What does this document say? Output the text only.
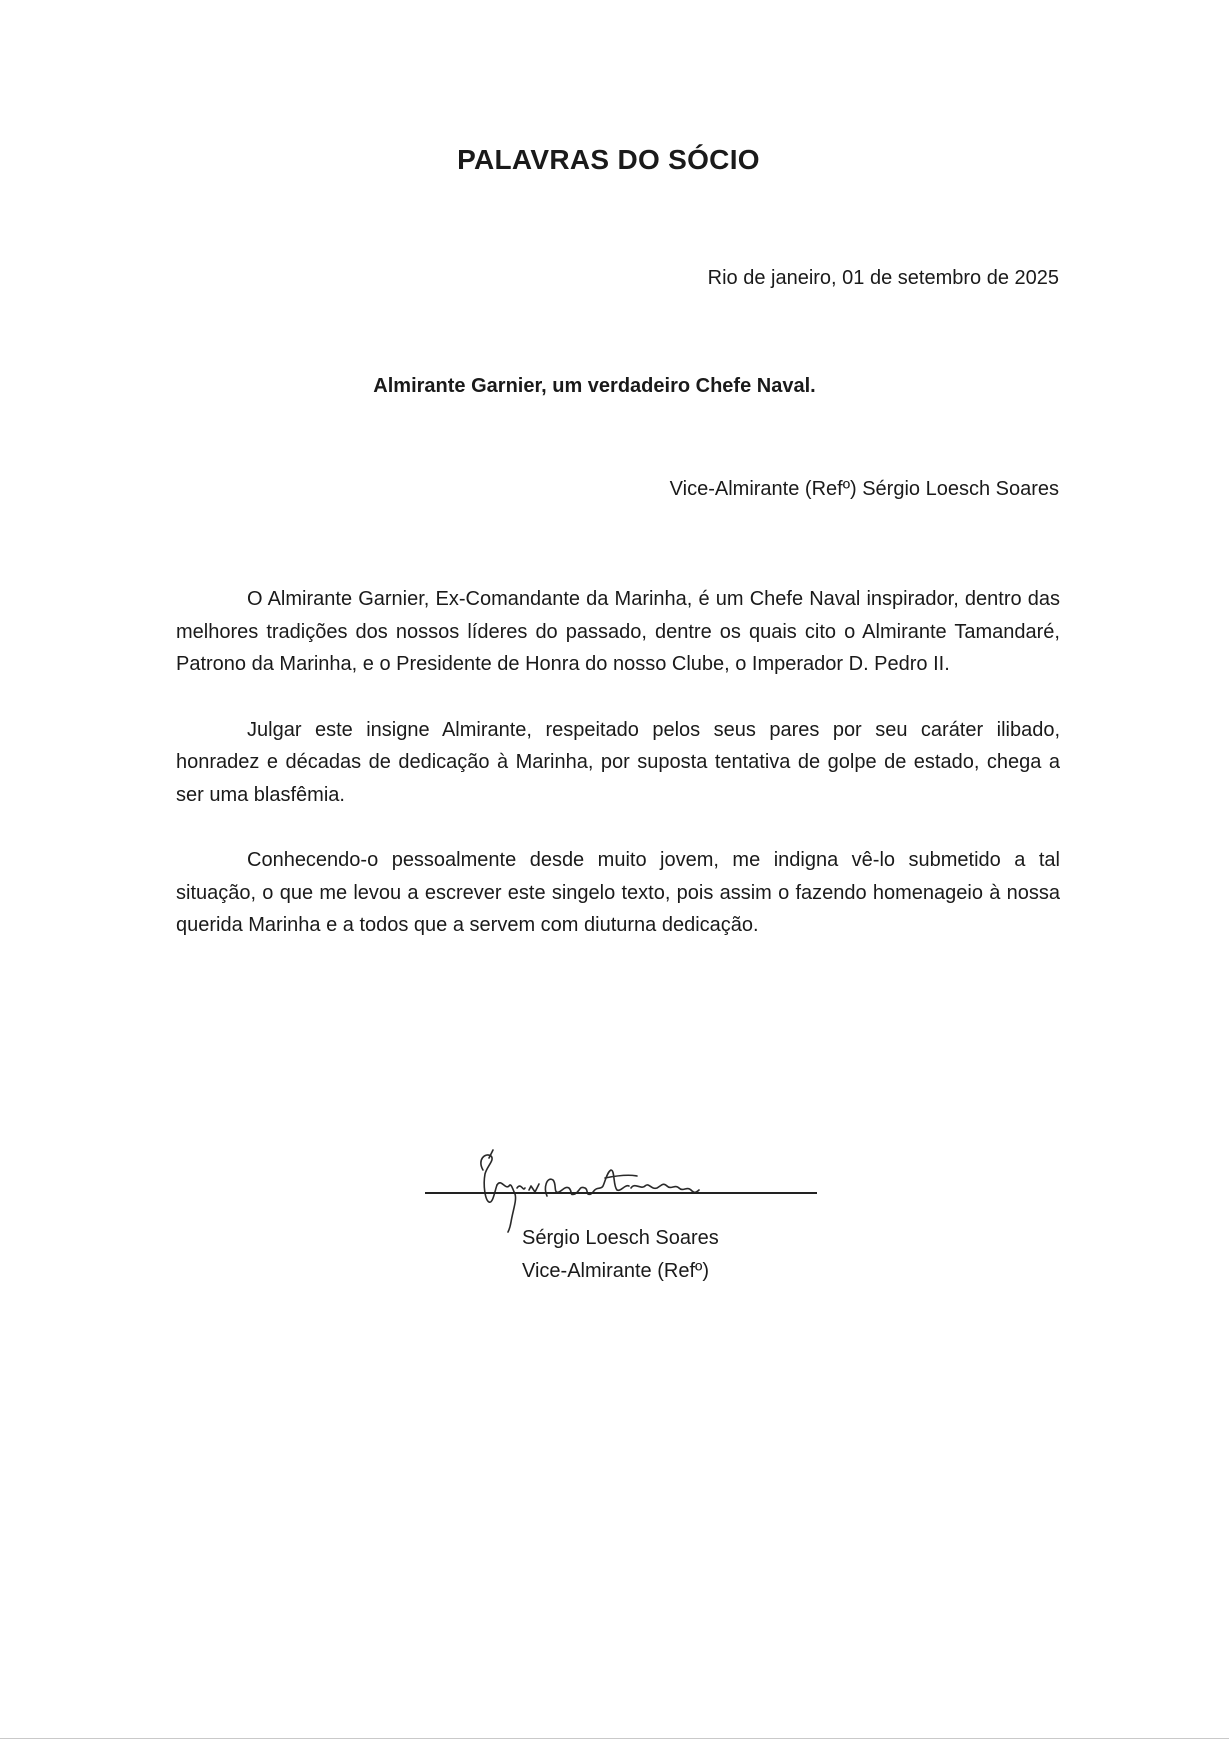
PALAVRAS DO SÓCIO
Rio de janeiro, 01 de setembro de 2025
Almirante Garnier, um verdadeiro Chefe Naval.
Vice-Almirante (Refº) Sérgio Loesch Soares

O Almirante Garnier, Ex-Comandante da Marinha, é um Chefe Naval inspirador, dentro das melhores tradições dos nossos líderes do passado, dentre os quais cito o Almirante Tamandaré, Patrono da Marinha, e o Presidente de Honra do nosso Clube, o Imperador D. Pedro II.

Julgar este insigne Almirante, respeitado pelos seus pares por seu caráter ilibado, honradez e décadas de dedicação à Marinha, por suposta tentativa de golpe de estado, chega a ser uma blasfêmia.

Conhecendo-o pessoalmente desde muito jovem, me indigna vê-lo submetido a tal situação, o que me levou a escrever este singelo texto, pois assim o fazendo homenageio à nossa querida Marinha e a todos que a servem com diuturna dedicação.

Sérgio Loesch Soares
Vice-Almirante (Refº)
